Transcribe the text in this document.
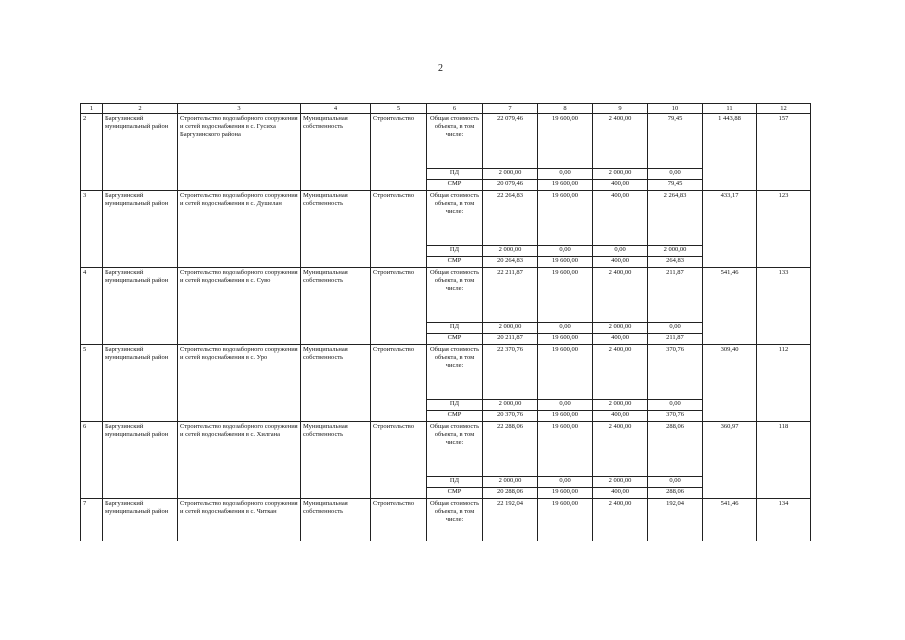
2
1	2	3	4	5	6	7	8	9	10	11	12
2	Баргузинский муниципальный район	Строительство водозаборного сооружения и сетей водоснабжения в с. Гусиха Баргузинского района	Муниципальная собственность	Строительство	Общая стоимость объекта, в том числе:	22 079,46	19 600,00	2 400,00	79,45	1 443,88	157
					ПД	2 000,00	0,00	2 000,00	0,00		
					СМР	20 079,46	19 600,00	400,00	79,45		
3	Баргузинский муниципальный район	Строительство водозаборного сооружения и сетей водоснабжения в с. Душелан	Муниципальная собственность	Строительство	Общая стоимость объекта, в том числе:	22 264,83	19 600,00	400,00	2 264,83	433,17	123
					ПД	2 000,00	0,00	0,00	2 000,00		
					СМР	20 264,83	19 600,00	400,00	264,83		
4	Баргузинский муниципальный район	Строительство водозаборного сооружения и сетей водоснабжения в с. Суво	Муниципальная собственность	Строительство	Общая стоимость объекта, в том числе:	22 211,87	19 600,00	2 400,00	211,87	541,46	133
					ПД	2 000,00	0,00	2 000,00	0,00		
					СМР	20 211,87	19 600,00	400,00	211,87		
5	Баргузинский муниципальный район	Строительство водозаборного сооружения и сетей водоснабжения в с. Уро	Муниципальная собственность	Строительство	Общая стоимость объекта, в том числе:	22 370,76	19 600,00	2 400,00	370,76	309,40	112
					ПД	2 000,00	0,00	2 000,00	0,00		
					СМР	20 370,76	19 600,00	400,00	370,76		
6	Баргузинский муниципальный район	Строительство водозаборного сооружения и сетей водоснабжения в с. Хилгана	Муниципальная собственность	Строительство	Общая стоимость объекта, в том числе:	22 288,06	19 600,00	2 400,00	288,06	360,97	118
					ПД	2 000,00	0,00	2 000,00	0,00		
					СМР	20 288,06	19 600,00	400,00	288,06		
7	Баргузинский муниципальный район	Строительство водозаборного сооружения и сетей водоснабжения в с. Читкан	Муниципальная собственность	Строительство	Общая стоимость объекта, в том числе:	22 192,04	19 600,00	2 400,00	192,04	541,46	134
